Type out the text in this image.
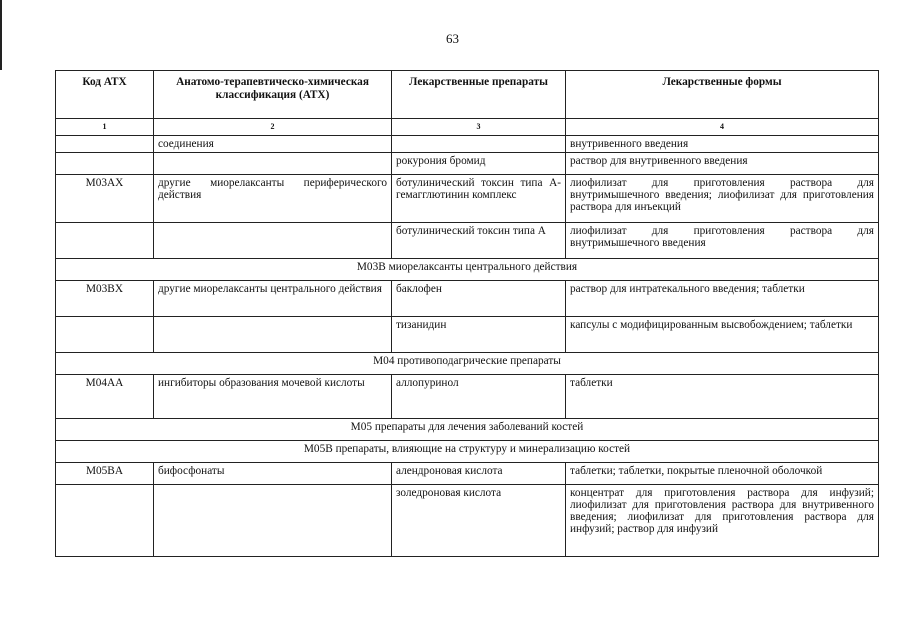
63
Код АТХ	Анатомо-терапевтическо-химическая классификация (АТХ)	Лекарственные препараты	Лекарственные формы
1	2	3	4
	соединения		внутривенного введения
		рокурония бромид	раствор для внутривенного введения
M03AX	другие миорелаксанты периферического действия	ботулинический токсин типа A-гемагглютинин комплекс	лиофилизат для приготовления раствора для внутримышечного введения; лиофилизат для приготовления раствора для инъекций
		ботулинический токсин типа A	лиофилизат для приготовления раствора для внутримышечного введения
M03B миорелаксанты центрального действия			
M03BX	другие миорелаксанты центрального действия	баклофен	раствор для интратекального введения; таблетки
		тизанидин	капсулы с модифицированным высвобождением; таблетки
M04 противоподагрические препараты			
M04AA	ингибиторы образования мочевой кислоты	аллопуринол	таблетки
M05 препараты для лечения заболеваний костей			
M05B препараты, влияющие на структуру и минерализацию костей			
M05BA	бифосфонаты	алендроновая кислота	таблетки; таблетки, покрытые пленочной оболочкой
		золедроновая кислота	концентрат для приготовления раствора для инфузий; лиофилизат для приготовления раствора для внутривенного введения; лиофилизат для приготовления раствора для инфузий; раствор для инфузий
